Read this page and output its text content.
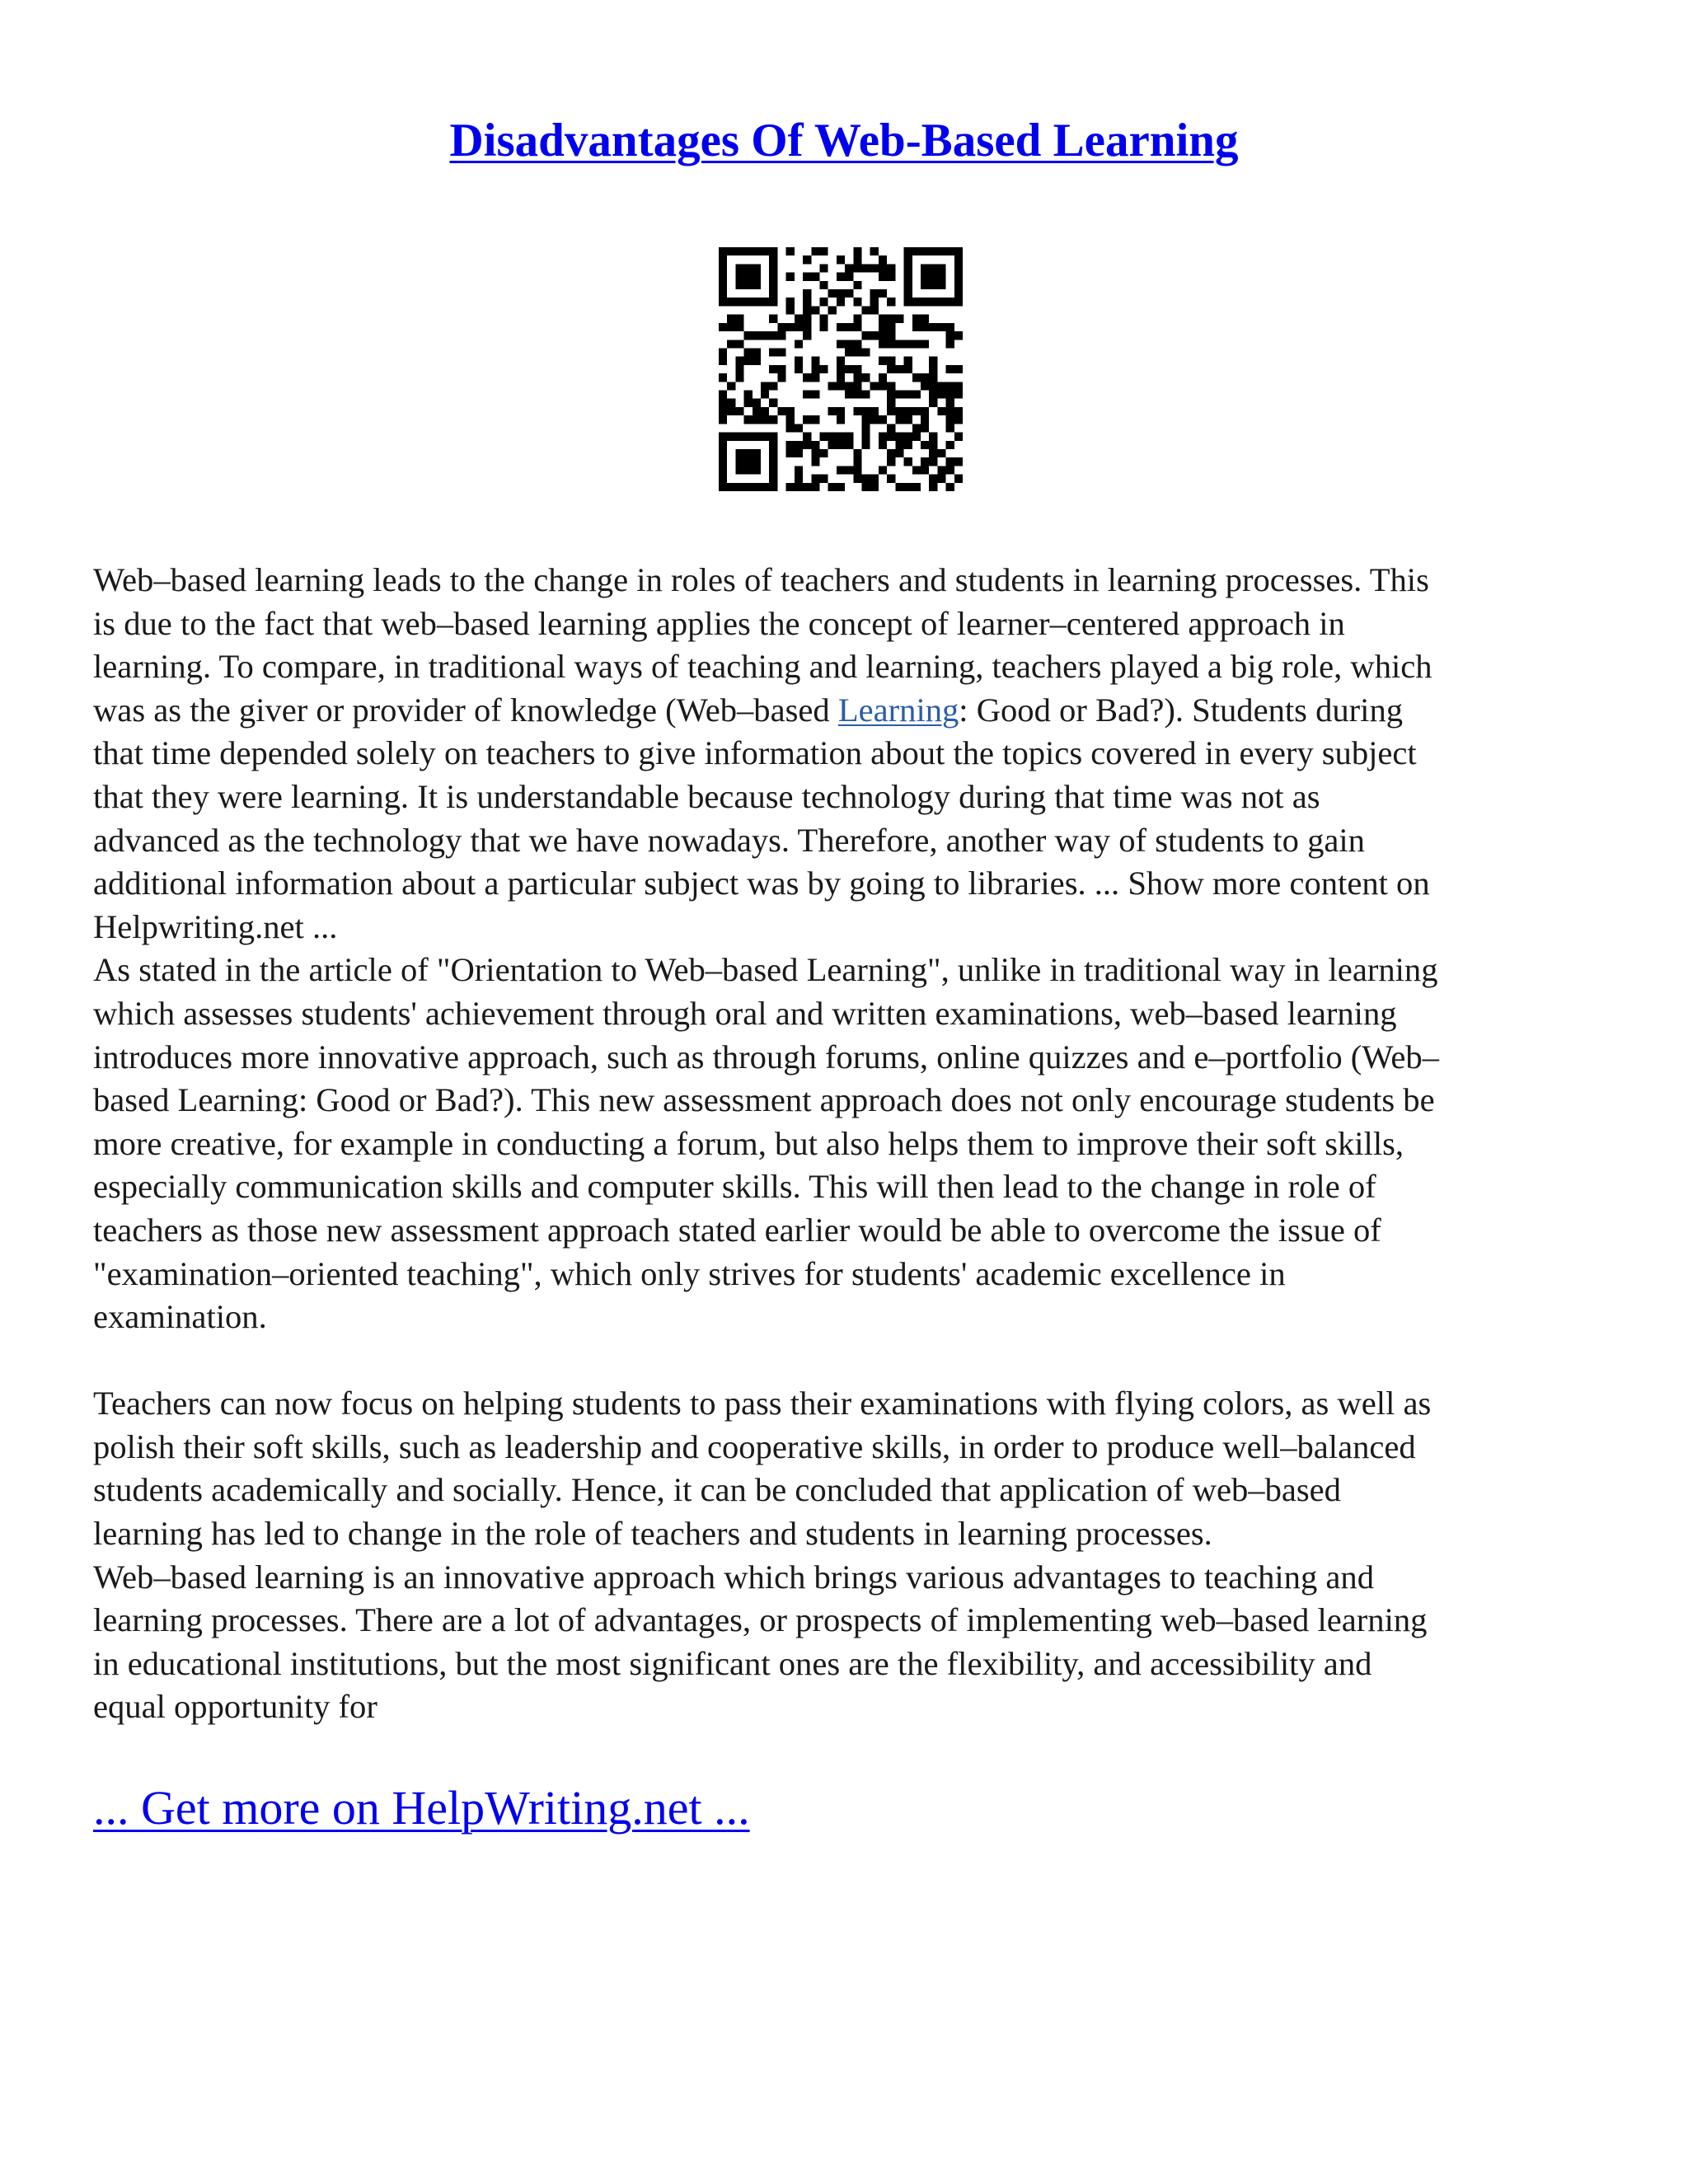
Disadvantages Of Web-Based Learning

Web–based learning leads to the change in roles of teachers and students in learning processes. This
is due to the fact that web–based learning applies the concept of learner–centered approach in
learning. To compare, in traditional ways of teaching and learning, teachers played a big role, which
was as the giver or provider of knowledge (Web–based Learning: Good or Bad?). Students during
that time depended solely on teachers to give information about the topics covered in every subject
that they were learning. It is understandable because technology during that time was not as
advanced as the technology that we have nowadays. Therefore, another way of students to gain
additional information about a particular subject was by going to libraries. ... Show more content on
Helpwriting.net ...

As stated in the article of "Orientation to Web–based Learning", unlike in traditional way in learning
which assesses students' achievement through oral and written examinations, web–based learning
introduces more innovative approach, such as through forums, online quizzes and e–portfolio (Web–
based Learning: Good or Bad?). This new assessment approach does not only encourage students be
more creative, for example in conducting a forum, but also helps them to improve their soft skills,
especially communication skills and computer skills. This will then lead to the change in role of
teachers as those new assessment approach stated earlier would be able to overcome the issue of
"examination–oriented teaching", which only strives for students' academic excellence in
examination.

Teachers can now focus on helping students to pass their examinations with flying colors, as well as
polish their soft skills, such as leadership and cooperative skills, in order to produce well–balanced
students academically and socially. Hence, it can be concluded that application of web–based
learning has led to change in the role of teachers and students in learning processes.

Web–based learning is an innovative approach which brings various advantages to teaching and
learning processes. There are a lot of advantages, or prospects of implementing web–based learning
in educational institutions, but the most significant ones are the flexibility, and accessibility and
equal opportunity for

... Get more on HelpWriting.net ...
